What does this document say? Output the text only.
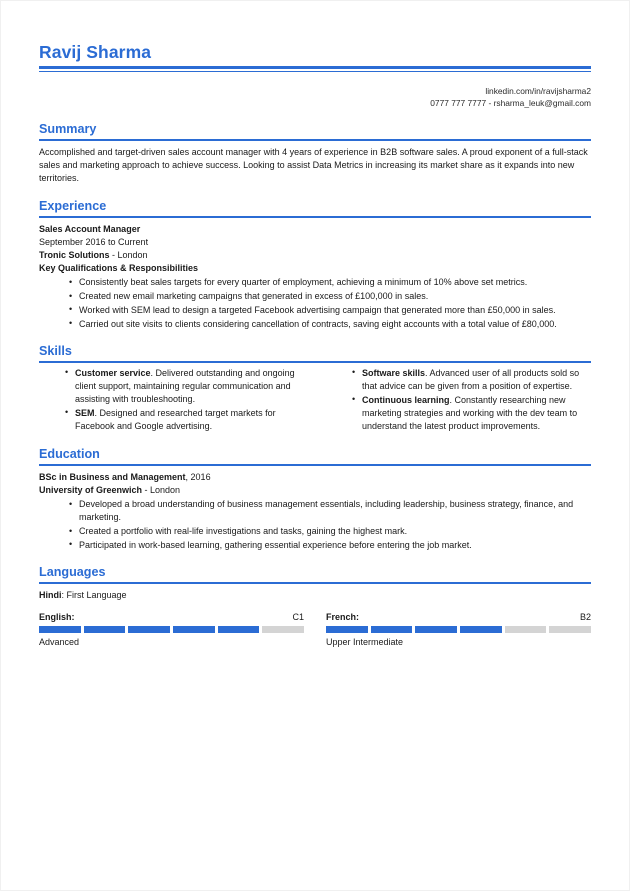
Ravij Sharma
linkedin.com/in/ravijsharma2
0777 777 7777 - rsharma_leuk@gmail.com
Summary

Accomplished and target-driven sales account manager with 4 years of experience in B2B software sales. A proud exponent of a full-stack sales and marketing approach to achieve success. Looking to assist Data Metrics in increasing its market share as it expands into new territories.

Experience
Sales Account Manager
September 2016 to Current
Tronic Solutions - London
Key Qualifications & Responsibilities
• Consistently beat sales targets for every quarter of employment, achieving a minimum of 10% above set metrics.
• Created new email marketing campaigns that generated in excess of £100,000 in sales.
• Worked with SEM lead to design a targeted Facebook advertising campaign that generated more than £50,000 in sales.
• Carried out site visits to clients considering cancellation of contracts, saving eight accounts with a total value of £80,000.
Skills
• Customer service. Delivered outstanding and ongoing client support, maintaining regular communication and assisting with troubleshooting.
• SEM. Designed and researched target markets for Facebook and Google advertising.
• Software skills. Advanced user of all products sold so that advice can be given from a position of expertise.
• Continuous learning. Constantly researching new marketing strategies and working with the dev team to understand the latest product improvements.
Education
BSc in Business and Management, 2016
University of Greenwich - London
• Developed a broad understanding of business management essentials, including leadership, business strategy, finance, and marketing.
• Created a portfolio with real-life investigations and tasks, gaining the highest mark.
• Participated in work-based learning, gathering essential experience before entering the job market.
Languages
Hindi: First Language
English:	C1
Advanced
French:	B2
Upper Intermediate
